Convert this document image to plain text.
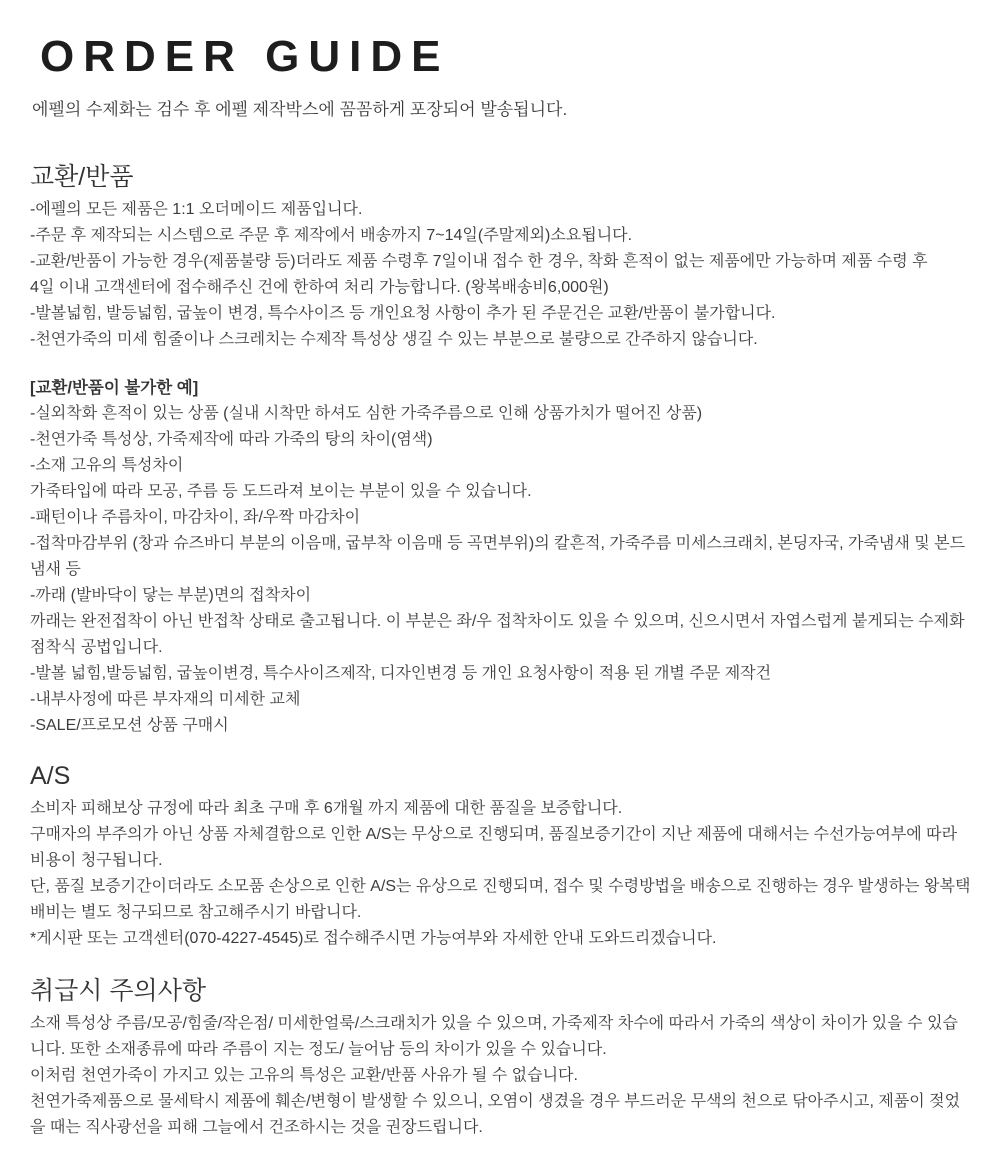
ORDER GUIDE
에펠의 수제화는 검수 후 에펠 제작박스에 꼼꼼하게 포장되어 발송됩니다.
교환/반품
-에펠의 모든 제품은 1:1 오더메이드 제품입니다.
-주문 후 제작되는 시스템으로 주문 후 제작에서 배송까지 7~14일(주말제외)소요됩니다.
-교환/반품이 가능한 경우(제품불량 등)더라도 제품 수령후 7일이내 접수 한 경우, 착화 흔적이 없는 제품에만 가능하며 제품 수령 후
4일 이내 고객센터에 접수해주신 건에 한하여 처리 가능합니다. (왕복배송비6,000원)
-발볼넓힘, 발등넓힘, 굽높이 변경, 특수사이즈 등 개인요청 사항이 추가 된 주문건은 교환/반품이 불가합니다.
-천연가죽의 미세 힘줄이나 스크레치는 수제작 특성상 생길 수 있는 부분으로 불량으로 간주하지 않습니다.
[교환/반품이 불가한 예]
-실외착화 흔적이 있는 상품 (실내 시착만 하셔도 심한 가죽주름으로 인해 상품가치가 떨어진 상품)
-천연가죽 특성상, 가죽제작에 따라 가죽의 탕의 차이(염색)
-소재 고유의 특성차이
가죽타입에 따라 모공, 주름 등 도드라져 보이는 부분이 있을 수 있습니다.
-패턴이나 주름차이, 마감차이, 좌/우짝 마감차이
-접착마감부위 (창과 슈즈바디 부분의 이음매, 굽부착 이음매 등 곡면부위)의 칼흔적, 가죽주름 미세스크래치, 본딩자국, 가죽냄새 및 본드
냄새 등
-까래 (발바닥이 닿는 부분)면의 접착차이
까래는 완전접착이 아닌 반접착 상태로 출고됩니다. 이 부분은 좌/우 접착차이도 있을 수 있으며, 신으시면서 자엽스럽게 붙게되는 수제화
점착식 공법입니다.
-발볼 넓힘,발등넓힘, 굽높이변경, 특수사이즈제작, 디자인변경 등 개인 요청사항이 적용 된 개별 주문 제작건
-내부사정에 따른 부자재의 미세한 교체
-SALE/프로모션 상품 구매시
A/S
소비자 피해보상 규정에 따라 최초 구매 후 6개월 까지 제품에 대한 품질을 보증합니다.
구매자의 부주의가 아닌 상품 자체결함으로 인한 A/S는 무상으로 진행되며, 품질보증기간이 지난 제품에 대해서는 수선가능여부에 따라
비용이 청구됩니다.
단, 품질 보증기간이더라도 소모품 손상으로 인한 A/S는 유상으로 진행되며, 접수 및 수령방법을 배송으로 진행하는 경우 발생하는 왕복택
배비는 별도 청구되므로 참고해주시기 바랍니다.
*게시판 또는 고객센터(070-4227-4545)로 접수해주시면 가능여부와 자세한 안내 도와드리겠습니다.
취급시 주의사항
소재 특성상 주름/모공/힘줄/작은점/ 미세한얼룩/스크래치가 있을 수 있으며, 가죽제작 차수에 따라서 가죽의 색상이 차이가 있을 수 있습
니다. 또한 소재종류에 따라 주름이 지는 정도/ 늘어남 등의 차이가 있을 수 있습니다.
이처럼 천연가죽이 가지고 있는 고유의 특성은 교환/반품 사유가 될 수 없습니다.
천연가죽제품으로 물세탁시 제품에 훼손/변형이 발생할 수 있으니, 오염이 생겼을 경우 부드러운 무색의 천으로 닦아주시고, 제품이 젖었
을 때는 직사광선을 피해 그늘에서 건조하시는 것을 권장드립니다.
